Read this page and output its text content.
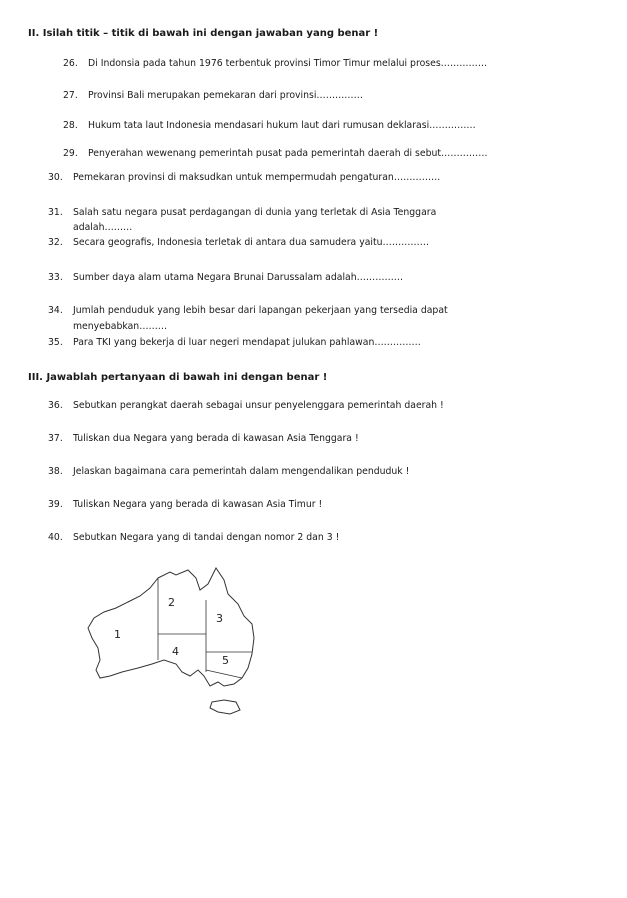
II. Isilah titik – titik di bawah ini dengan jawaban yang benar !
26. Di Indonsia pada tahun 1976 terbentuk provinsi Timor Timur melalui proses……………
27. Provinsi Bali merupakan pemekaran dari provinsi……………
28. Hukum tata laut Indonesia mendasari hukum laut dari rumusan deklarasi……………
29. Penyerahan wewenang pemerintah pusat pada pemerintah daerah di sebut……………
30. Pemekaran provinsi di maksudkan untuk mempermudah pengaturan……………
31. Salah satu negara pusat perdagangan di dunia yang terletak di Asia Tenggara
adalah………
32. Secara geografis, Indonesia terletak di antara dua samudera yaitu……………
33. Sumber daya alam utama Negara Brunai Darussalam adalah……………
34. Jumlah penduduk yang lebih besar dari lapangan pekerjaan yang tersedia dapat
menyebabkan………
35. Para TKI yang bekerja di luar negeri mendapat julukan pahlawan……………
III. Jawablah pertanyaan di bawah ini dengan benar !
36. Sebutkan perangkat daerah sebagai unsur penyelenggara pemerintah daerah !
37. Tuliskan dua Negara yang berada di kawasan Asia Tenggara !
38. Jelaskan bagaimana cara pemerintah dalam mengendalikan penduduk !
39. Tuliskan Negara yang berada di kawasan Asia Timur !
40. Sebutkan Negara yang di tandai dengan nomor 2 dan 3 !
1
2
3
4
5
